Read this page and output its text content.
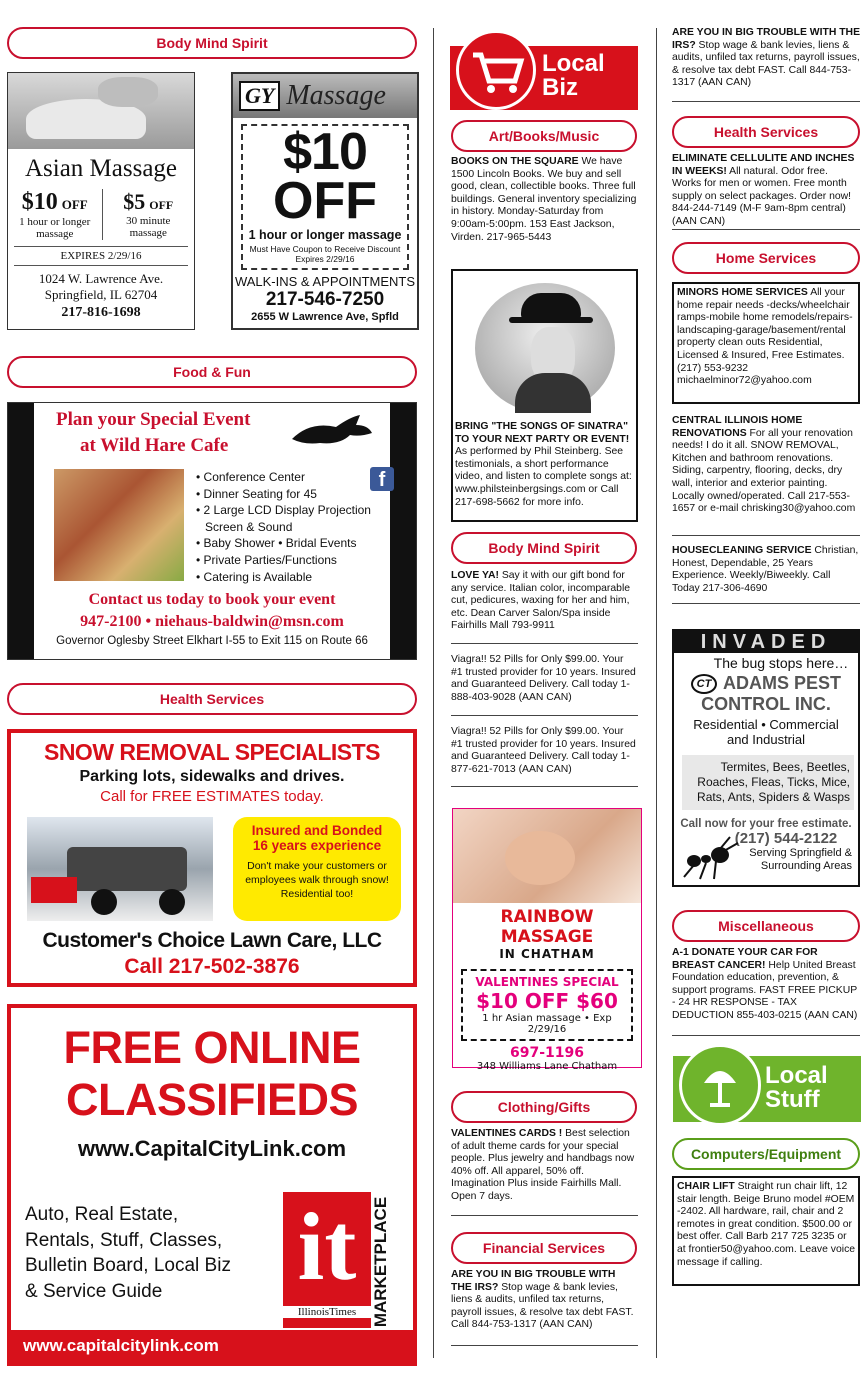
Body Mind Spirit
Asian Massage
$10 OFF
1 hour or longer massage
$5 OFF
30 minute massage
EXPIRES 2/29/16
1024 W. Lawrence Ave.
Springfield, IL 62704
217-816-1698
GY Massage
$10
OFF
1 hour or longer massage
Must Have Coupon to Receive Discount
Expires 2/29/16
WALK-INS & APPOINTMENTS
217-546-7250
2655 W Lawrence Ave, Spfld
Food & Fun
Plan your Special Event
at Wild Hare Cafe
f
• Conference Center
• Dinner Seating for 45
• 2 Large LCD Display Projection
Screen & Sound
• Baby Shower • Bridal Events
• Private Parties/Functions
• Catering is Available
Contact us today to book your event
947-2100 • niehaus-baldwin@msn.com
Governor Oglesby Street Elkhart I-55 to Exit 115 on Route 66
Health Services
SNOW REMOVAL SPECIALISTS
Parking lots, sidewalks and drives.
Call for FREE ESTIMATES today.
Insured and Bonded
16 years experience
Don't make your customers or employees walk through snow! Residential too!
Customer's Choice Lawn Care, LLC
Call 217-502-3876
FREE ONLINE
CLASSIFIEDS
www.CapitalCityLink.com
Auto, Real Estate,
Rentals, Stuff, Classes,
Bulletin Board, Local Biz
& Service Guide	it
IllinoisTimes MARKETPLACE
www.capitalcitylink.com
Local Biz
Art/Books/Music
BOOKS ON THE SQUARE We have 1500 Lincoln Books. We buy and sell good, clean, collectible books. Three full buildings. General inventory specializing in history. Monday-Saturday from 9:00am-5:00pm. 153 East Jackson, Virden. 217-965-5443
BRING "THE SONGS OF SINATRA" TO YOUR NEXT PARTY OR EVENT! As performed by Phil Steinberg. See testimonials, a short performance video, and listen to complete songs at: www.philsteinbergsings.com or Call 217-698-5662 for more info.
Body Mind Spirit
LOVE YA! Say it with our gift bond for any service. Italian color, incomparable cut, pedicures, waxing for her and him, etc. Dean Carver Salon/Spa inside Fairhills Mall 793-9911
Viagra!! 52 Pills for Only $99.00. Your #1 trusted provider for 10 years. Insured and Guaranteed Delivery. Call today 1-888-403-9028 (AAN CAN)
Viagra!! 52 Pills for Only $99.00. Your #1 trusted provider for 10 years. Insured and Guaranteed Delivery. Call today 1-877-621-7013 (AAN CAN)
RAINBOW MASSAGE
IN CHATHAM
VALENTINES SPECIAL
$10 OFF $60
1 hr Asian massage • Exp 2/29/16
697-1196
348 Williams Lane Chatham
Clothing/Gifts
VALENTINES CARDS ! Best selection of adult theme cards for your special people. Plus jewelry and handbags now 40% off. All apparel, 50% off. Imagination Plus inside Fairhills Mall. Open 7 days.
Financial Services
ARE YOU IN BIG TROUBLE WITH THE IRS? Stop wage & bank levies, liens & audits, unfiled tax returns, payroll issues, & resolve tax debt FAST. Call 844-753-1317 (AAN CAN)
ARE YOU IN BIG TROUBLE WITH THE IRS? Stop wage & bank levies, liens & audits, unfiled tax returns, payroll issues, & resolve tax debt FAST. Call 844-753-1317 (AAN CAN)
Health Services
ELIMINATE CELLULITE AND INCHES IN WEEKS! All natural. Odor free. Works for men or women. Free month supply on select packages. Order now! 844-244-7149 (M-F 9am-8pm central) (AAN CAN)
Home Services
MINORS HOME SERVICES All your home repair needs -decks/wheelchair ramps-mobile home remodels/repairs-landscaping-garage/basement/rental property clean outs Residential, Licensed & Insured, Free Estimates. (217) 553-9232 michaelminor72@yahoo.com
CENTRAL ILLINOIS HOME RENOVATIONS For all your renovation needs! I do it all. SNOW REMOVAL, Kitchen and bathroom renovations. Siding, carpentry, flooring, decks, dry wall, interior and exterior painting. Locally owned/operated. Call 217-553-1657 or e-mail chrisking30@yahoo.com
HOUSECLEANING SERVICE Christian, Honest, Dependable, 25 Years Experience. Weekly/Biweekly. Call Today 217-306-4690
INVADED
The bug stops here…
CT ADAMS PEST
CONTROL INC.
Residential • Commercial
and Industrial
Termites, Bees, Beetles, Roaches, Fleas, Ticks, Mice, Rats, Ants, Spiders & Wasps
Call now for your free estimate.
(217) 544-2122
Serving Springfield & Surrounding Areas
Miscellaneous
A-1 DONATE YOUR CAR FOR BREAST CANCER! Help United Breast Foundation education, prevention, & support programs. FAST FREE PICKUP - 24 HR RESPONSE - TAX DEDUCTION 855-403-0215 (AAN CAN)
Local Stuff
Computers/Equipment
CHAIR LIFT Straight run chair lift, 12 stair length. Beige Bruno model #OEM -2402. All hardware, rail, chair and 2 remotes in great condition. $500.00 or best offer. Call Barb 217 725 3235 or at frontier50@yahoo.com. Leave voice message if calling.
